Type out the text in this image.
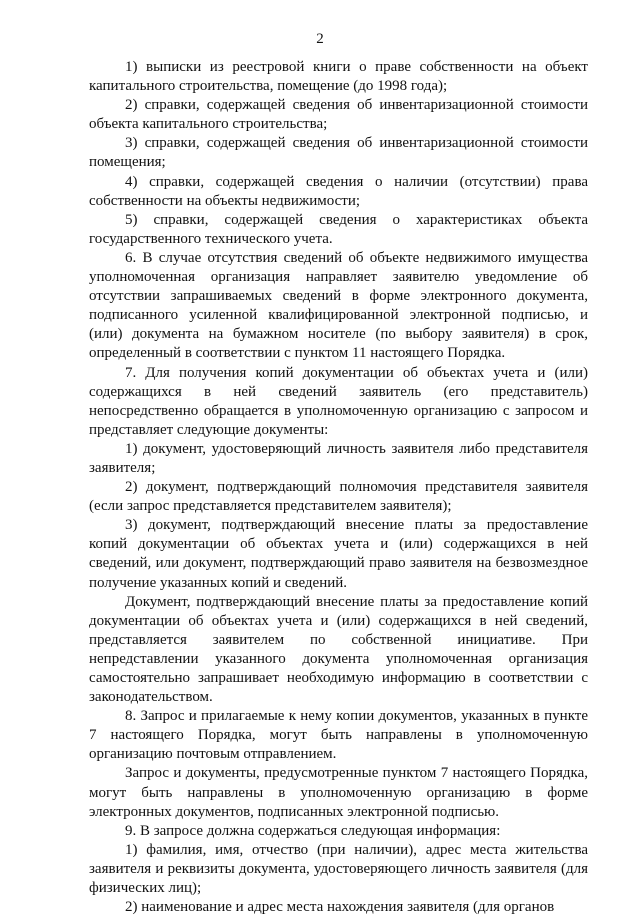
2

1) выписки из реестровой книги о праве собственности на объект капитального строительства, помещение (до 1998 года);

2) справки, содержащей сведения об инвентаризационной стоимости объекта капитального строительства;

3) справки, содержащей сведения об инвентаризационной стоимости помещения;

4) справки, содержащей сведения о наличии (отсутствии) права собственности на объекты недвижимости;

5) справки, содержащей сведения о характеристиках объекта государственного технического учета.

6. В случае отсутствия сведений об объекте недвижимого имущества уполномоченная организация направляет заявителю уведомление об отсутствии запрашиваемых сведений в форме электронного документа, подписанного усиленной квалифицированной электронной подписью, и (или) документа на бумажном носителе (по выбору заявителя) в срок, определенный в соответствии с пунктом 11 настоящего Порядка.

7. Для получения копий документации об объектах учета и (или) содержащихся в ней сведений заявитель (его представитель) непосредственно обращается в уполномоченную организацию с запросом и представляет следующие документы:

1) документ, удостоверяющий личность заявителя либо представителя заявителя;

2) документ, подтверждающий полномочия представителя заявителя (если запрос представляется представителем заявителя);

3) документ, подтверждающий внесение платы за предоставление копий документации об объектах учета и (или) содержащихся в ней сведений, или документ, подтверждающий право заявителя на безвозмездное получение указанных копий и сведений.

Документ, подтверждающий внесение платы за предоставление копий документации об объектах учета и (или) содержащихся в ней сведений, представляется заявителем по собственной инициативе. При непредставлении указанного документа уполномоченная организация самостоятельно запрашивает необходимую информацию в соответствии с законодательством.

8. Запрос и прилагаемые к нему копии документов, указанных в пункте 7 настоящего Порядка, могут быть направлены в уполномоченную организацию почтовым отправлением.

Запрос и документы, предусмотренные пунктом 7 настоящего Порядка, могут быть направлены в уполномоченную организацию в форме электронных документов, подписанных электронной подписью.

9. В запросе должна содержаться следующая информация:

1) фамилия, имя, отчество (при наличии), адрес места жительства заявителя и реквизиты документа, удостоверяющего личность заявителя (для физических лиц);

2) наименование и адрес места нахождения заявителя (для органов
